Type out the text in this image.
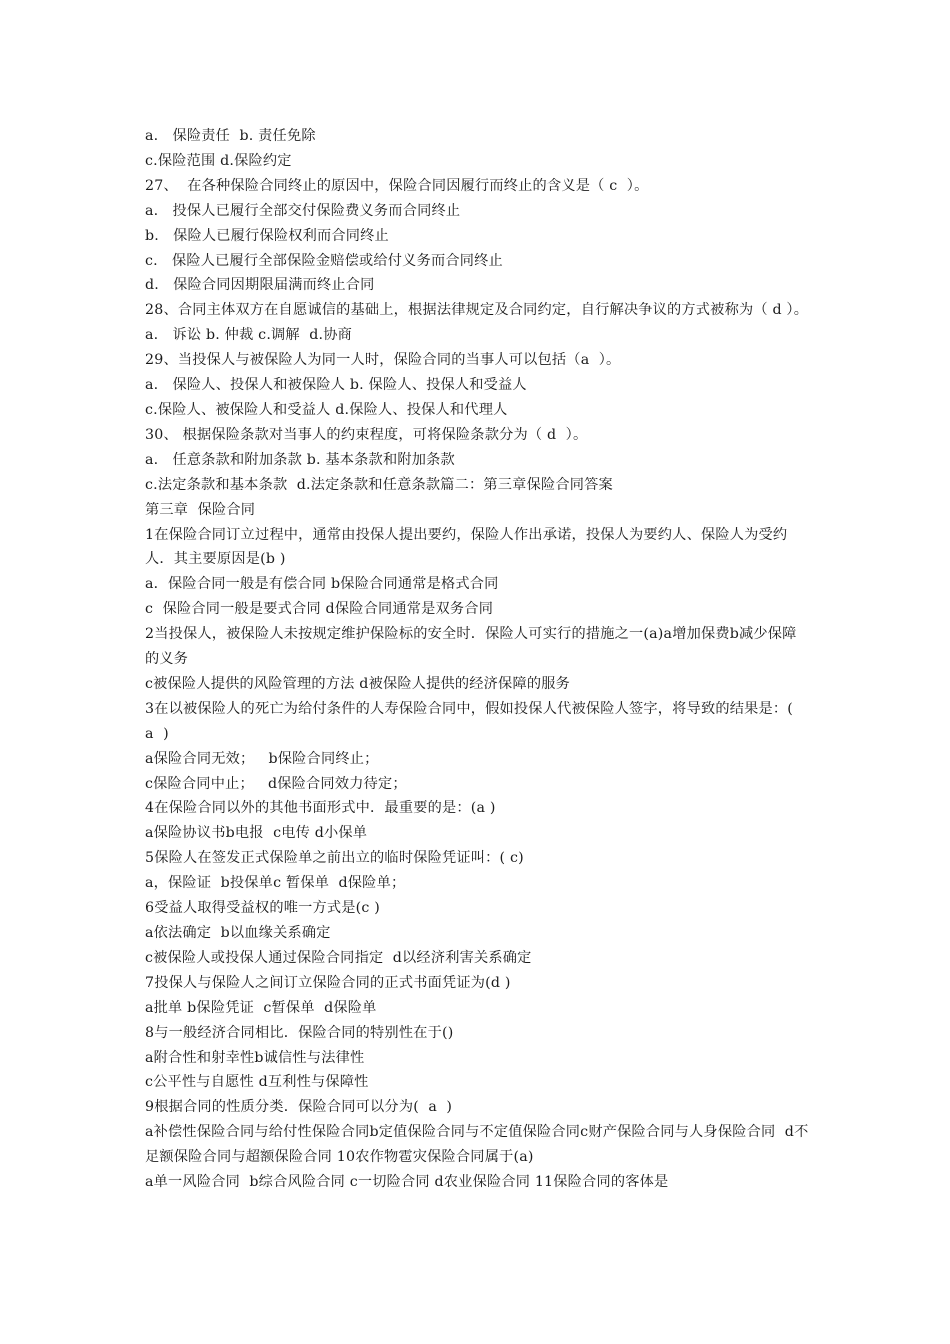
a.   保险责任  b. 责任免除
c.保险范围 d.保险约定
27、  在各种保险合同终止的原因中，保险合同因履行而终止的含义是（ c  ）。
a.   投保人已履行全部交付保险费义务而合同终止
b.   保险人已履行保险权利而合同终止
c.   保险人已履行全部保险金赔偿或给付义务而合同终止
d.   保险合同因期限届满而终止合同
28、合同主体双方在自愿诚信的基础上，根据法律规定及合同约定，自行解决争议的方式被称为（ d ）。
a.   诉讼 b. 仲裁 c.调解  d.协商
29、当投保人与被保险人为同一人时，保险合同的当事人可以包括（a  ）。
a.   保险人、投保人和被保险人 b. 保险人、投保人和受益人
c.保险人、被保险人和受益人 d.保险人、投保人和代理人
30、 根据保险条款对当事人的约束程度，可将保险条款分为（ d  ）。
a.   任意条款和附加条款 b. 基本条款和附加条款
c.法定条款和基本条款  d.法定条款和任意条款篇二：第三章保险合同答案
第三章  保险合同
1在保险合同订立过程中，通常由投保人提出要约，保险人作出承诺，投保人为要约人、保险人为受约人．其主要原因是(b )
a．保险合同一般是有偿合同 b保险合同通常是格式合同
c  保险合同一般是要式合同 d保险合同通常是双务合同
2当投保人，被保险人未按规定维护保险标的安全时．保险人可实行的措施之一(a)a增加保费b减少保障的义务
c被保险人提供的风险管理的方法 d被保险人提供的经济保障的服务
3在以被保险人的死亡为给付条件的人寿保险合同中，假如投保人代被保险人签字，将导致的结果是：(  a  )
a保险合同无效；   b保险合同终止；
c保险合同中止；   d保险合同效力待定；
4在保险合同以外的其他书面形式中．最重要的是：(a )
a保险协议书b电报  c电传 d小保单
5保险人在签发正式保险单之前出立的临时保险凭证叫：( c)
a，保险证  b投保单c 暂保单  d保险单；
6受益人取得受益权的唯一方式是(c )
a依法确定  b以血缘关系确定
c被保险人或投保人通过保险合同指定  d以经济利害关系确定
7投保人与保险人之间订立保险合同的正式书面凭证为(d )
a批单 b保险凭证  c暂保单  d保险单
8与一般经济合同相比．保险合同的特别性在于()
a附合性和射幸性b诚信性与法律性
c公平性与自愿性 d互利性与保障性
9根据合同的性质分类．保险合同可以分为(  a  )
a补偿性保险合同与给付性保险合同b定值保险合同与不定值保险合同c财产保险合同与人身保险合同  d不足额保险合同与超额保险合同 10农作物雹灾保险合同属于(a)
a单一风险合同  b综合风险合同 c一切险合同 d农业保险合同 11保险合同的客体是
